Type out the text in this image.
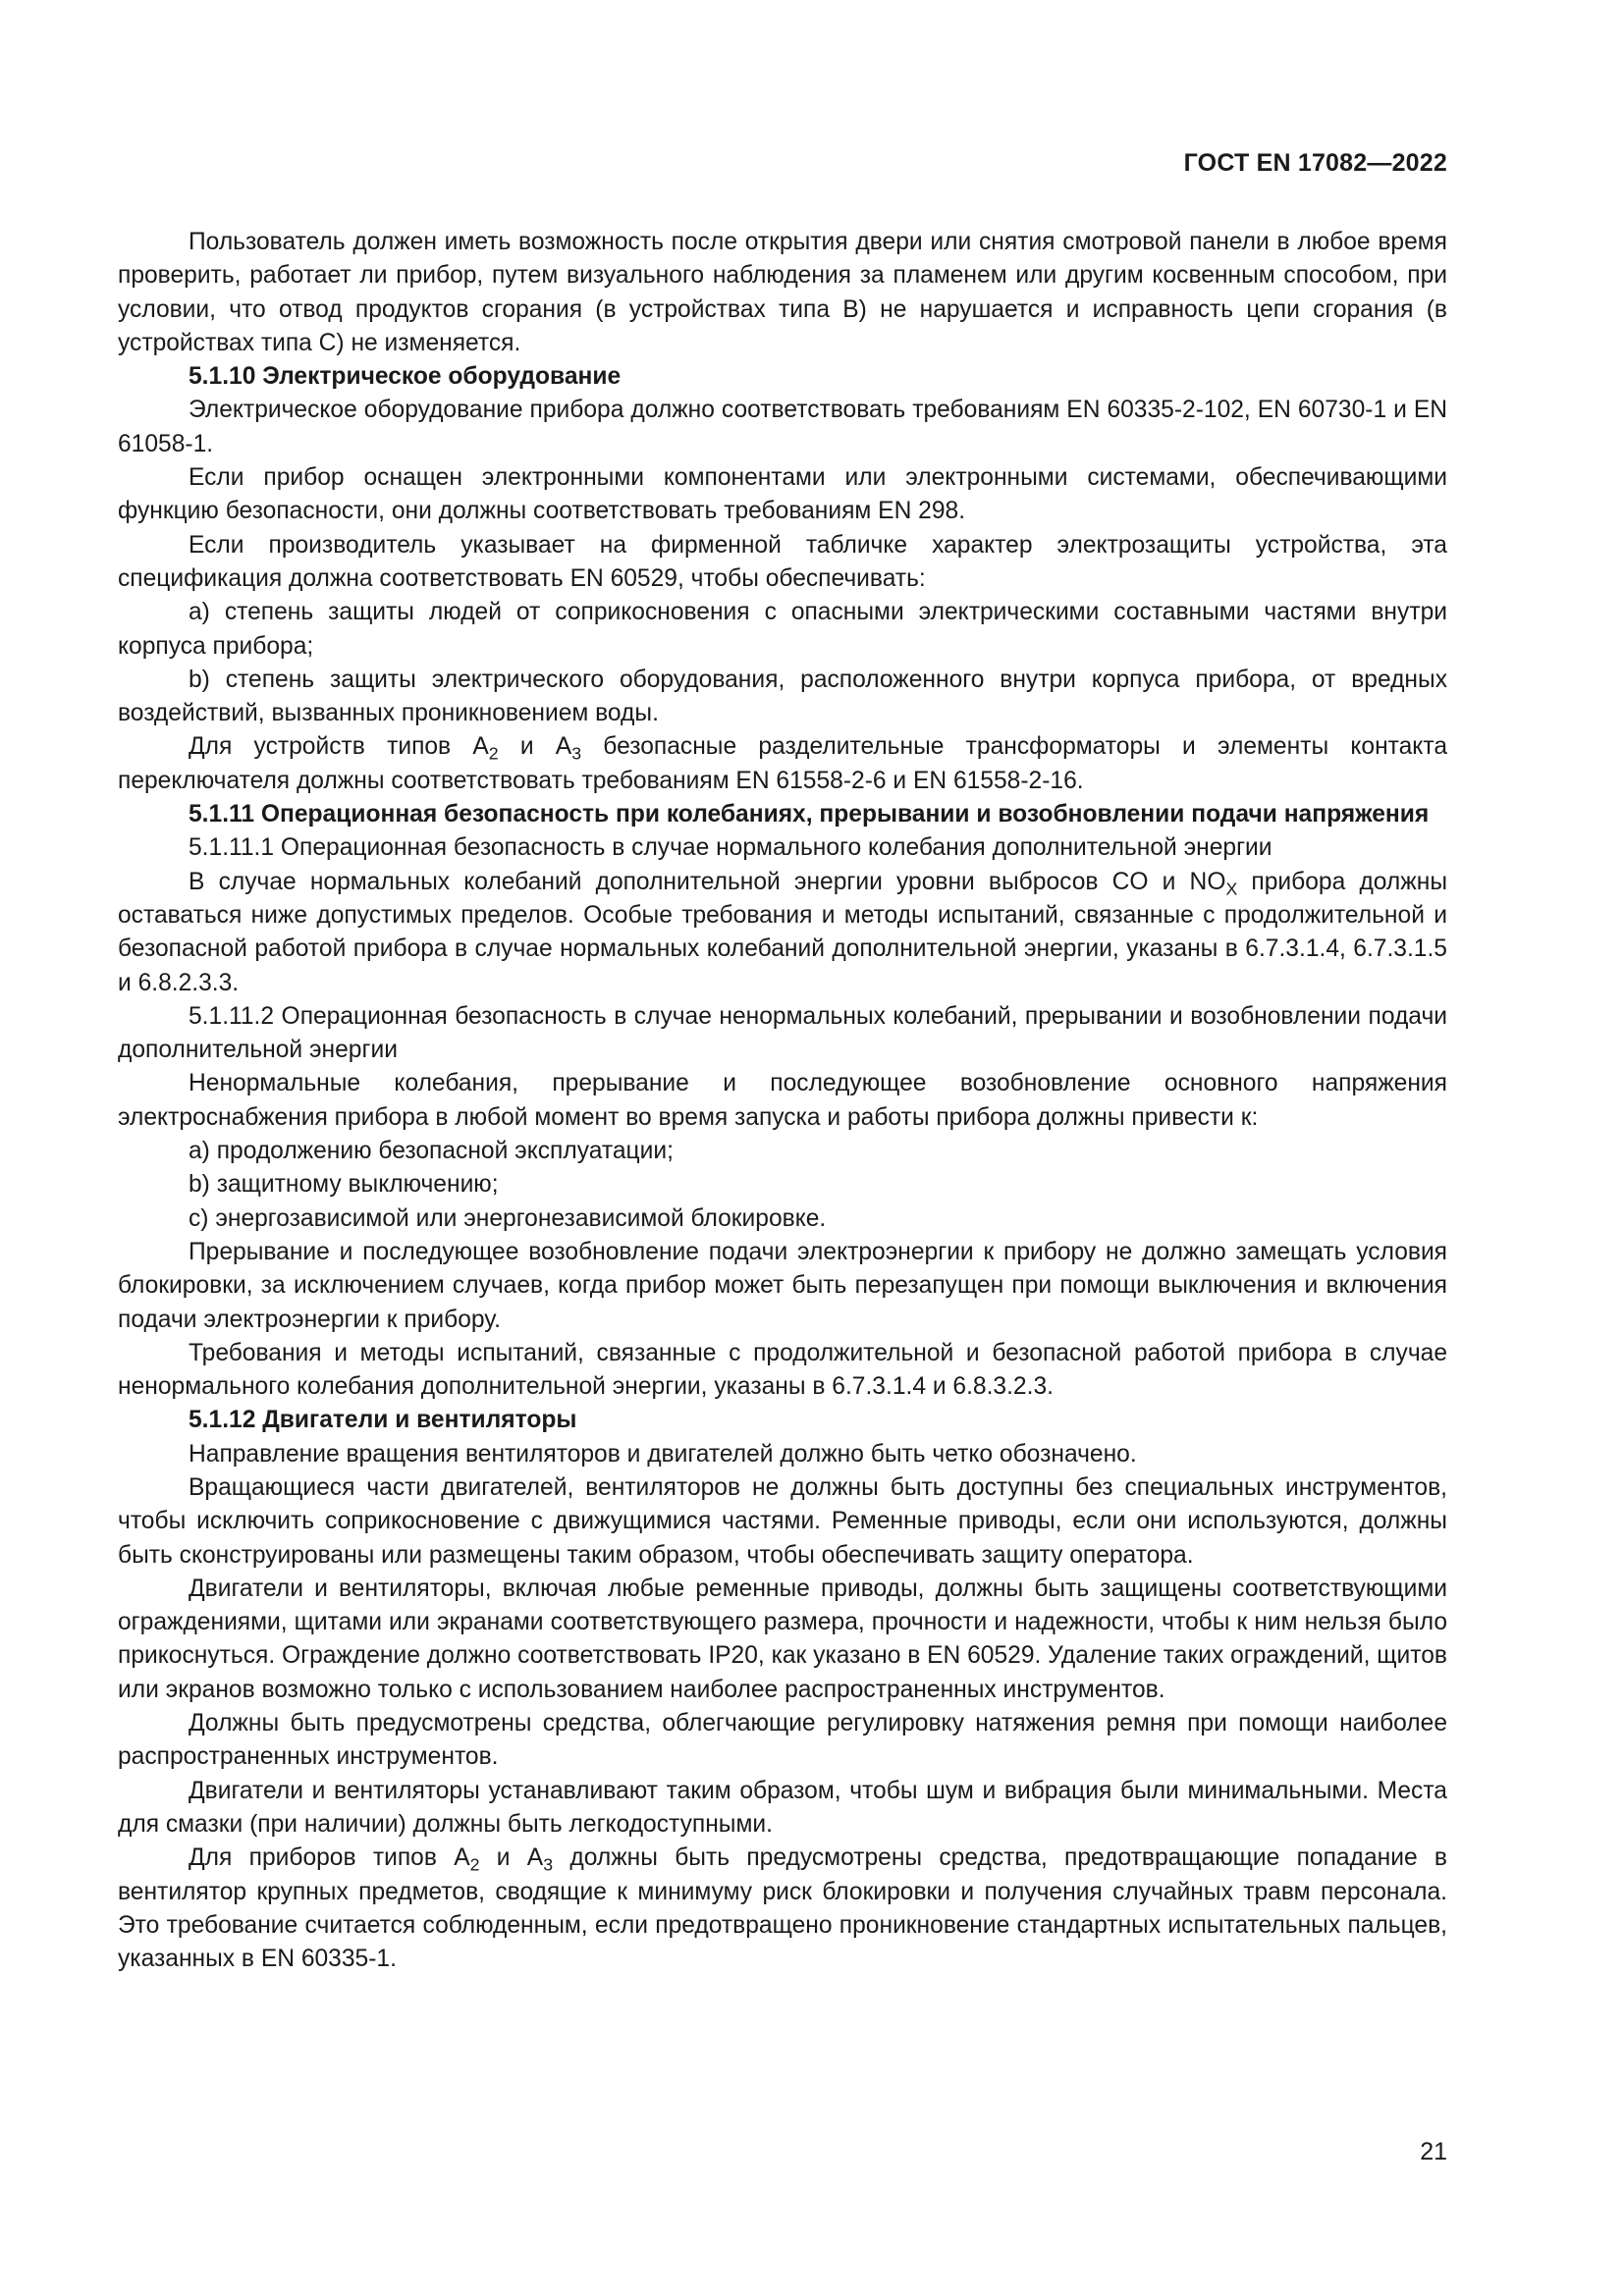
ГОСТ EN 17082—2022

Пользователь должен иметь возможность после открытия двери или снятия смотровой панели в любое время проверить, работает ли прибор, путем визуального наблюдения за пламенем или другим косвенным способом, при условии, что отвод продуктов сгорания (в устройствах типа B) не нарушается и исправность цепи сгорания (в устройствах типа C) не изменяется.

5.1.10 Электрическое оборудование

Электрическое оборудование прибора должно соответствовать требованиям EN 60335-2-102, EN 60730-1 и EN 61058-1.

Если прибор оснащен электронными компонентами или электронными системами, обеспечивающими функцию безопасности, они должны соответствовать требованиям EN 298.

Если производитель указывает на фирменной табличке характер электрозащиты устройства, эта спецификация должна соответствовать EN 60529, чтобы обеспечивать:

a) степень защиты людей от соприкосновения с опасными электрическими составными частями внутри корпуса прибора;

b) степень защиты электрического оборудования, расположенного внутри корпуса прибора, от вредных воздействий, вызванных проникновением воды.

Для устройств типов $A_2$ и $A_3$ безопасные разделительные трансформаторы и элементы контакта переключателя должны соответствовать требованиям EN 61558-2-6 и EN 61558-2-16.

5.1.11 Операционная безопасность при колебаниях, прерывании и возобновлении подачи напряжения

5.1.11.1 Операционная безопасность в случае нормального колебания дополнительной энергии

В случае нормальных колебаний дополнительной энергии уровни выбросов CO и $NO_X$ прибора должны оставаться ниже допустимых пределов. Особые требования и методы испытаний, связанные с продолжительной и безопасной работой прибора в случае нормальных колебаний дополнительной энергии, указаны в 6.7.3.1.4, 6.7.3.1.5 и 6.8.2.3.3.

5.1.11.2 Операционная безопасность в случае ненормальных колебаний, прерывании и возобновлении подачи дополнительной энергии

Ненормальные колебания, прерывание и последующее возобновление основного напряжения электроснабжения прибора в любой момент во время запуска и работы прибора должны привести к:

a) продолжению безопасной эксплуатации;

b) защитному выключению;

c) энергозависимой или энергонезависимой блокировке.

Прерывание и последующее возобновление подачи электроэнергии к прибору не должно замещать условия блокировки, за исключением случаев, когда прибор может быть перезапущен при помощи выключения и включения подачи электроэнергии к прибору.

Требования и методы испытаний, связанные с продолжительной и безопасной работой прибора в случае ненормального колебания дополнительной энергии, указаны в 6.7.3.1.4 и 6.8.3.2.3.

5.1.12 Двигатели и вентиляторы

Направление вращения вентиляторов и двигателей должно быть четко обозначено.

Вращающиеся части двигателей, вентиляторов не должны быть доступны без специальных инструментов, чтобы исключить соприкосновение с движущимися частями. Ременные приводы, если они используются, должны быть сконструированы или размещены таким образом, чтобы обеспечивать защиту оператора.

Двигатели и вентиляторы, включая любые ременные приводы, должны быть защищены соответствующими ограждениями, щитами или экранами соответствующего размера, прочности и надежности, чтобы к ним нельзя было прикоснуться. Ограждение должно соответствовать IP20, как указано в EN 60529. Удаление таких ограждений, щитов или экранов возможно только с использованием наиболее распространенных инструментов.

Должны быть предусмотрены средства, облегчающие регулировку натяжения ремня при помощи наиболее распространенных инструментов.

Двигатели и вентиляторы устанавливают таким образом, чтобы шум и вибрация были минимальными. Места для смазки (при наличии) должны быть легкодоступными.

Для приборов типов $A_2$ и $A_3$ должны быть предусмотрены средства, предотвращающие попадание в вентилятор крупных предметов, сводящие к минимуму риск блокировки и получения случайных травм персонала. Это требование считается соблюденным, если предотвращено проникновение стандартных испытательных пальцев, указанных в EN 60335-1.

21
